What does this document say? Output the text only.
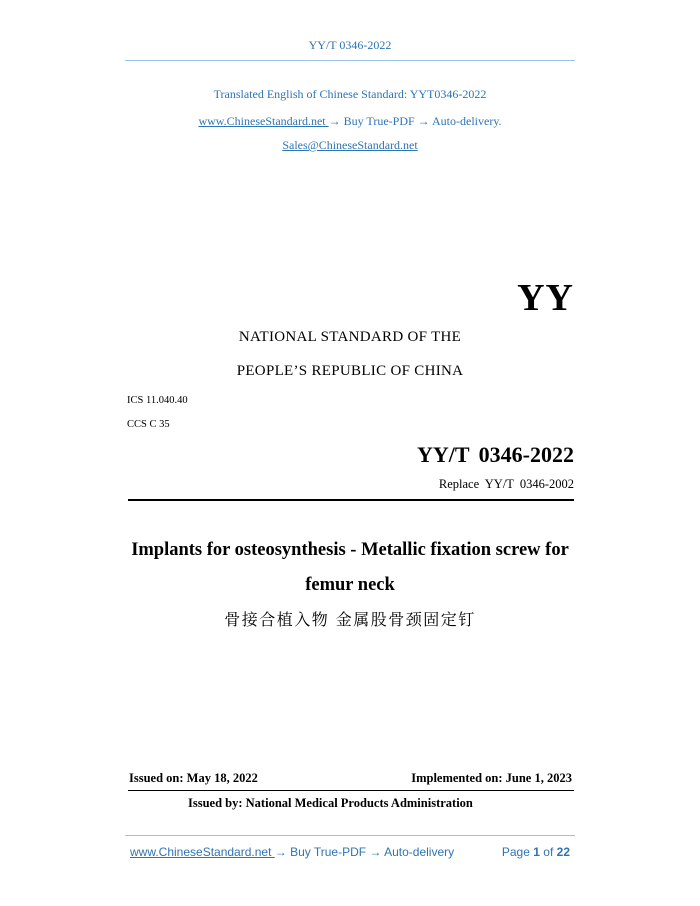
YY/T 0346-2022
Translated English of Chinese Standard: YYT0346-2022
www.ChineseStandard.net → Buy True-PDF → Auto-delivery.
Sales@ChineseStandard.net
YY
NATIONAL STANDARD OF THE
PEOPLE’S REPUBLIC OF CHINA
ICS 11.040.40
CCS C 35
YY/T 0346-2022
Replace YY/T 0346-2002
Implants for osteosynthesis - Metallic fixation screw for
femur neck
骨接合植入物 金属股骨颈固定钉
Issued on: May 18, 2022	Implemented on: June 1, 2023
Issued by: National Medical Products Administration
www.ChineseStandard.net → Buy True-PDF → Auto-delivery	Page 1 of 22
